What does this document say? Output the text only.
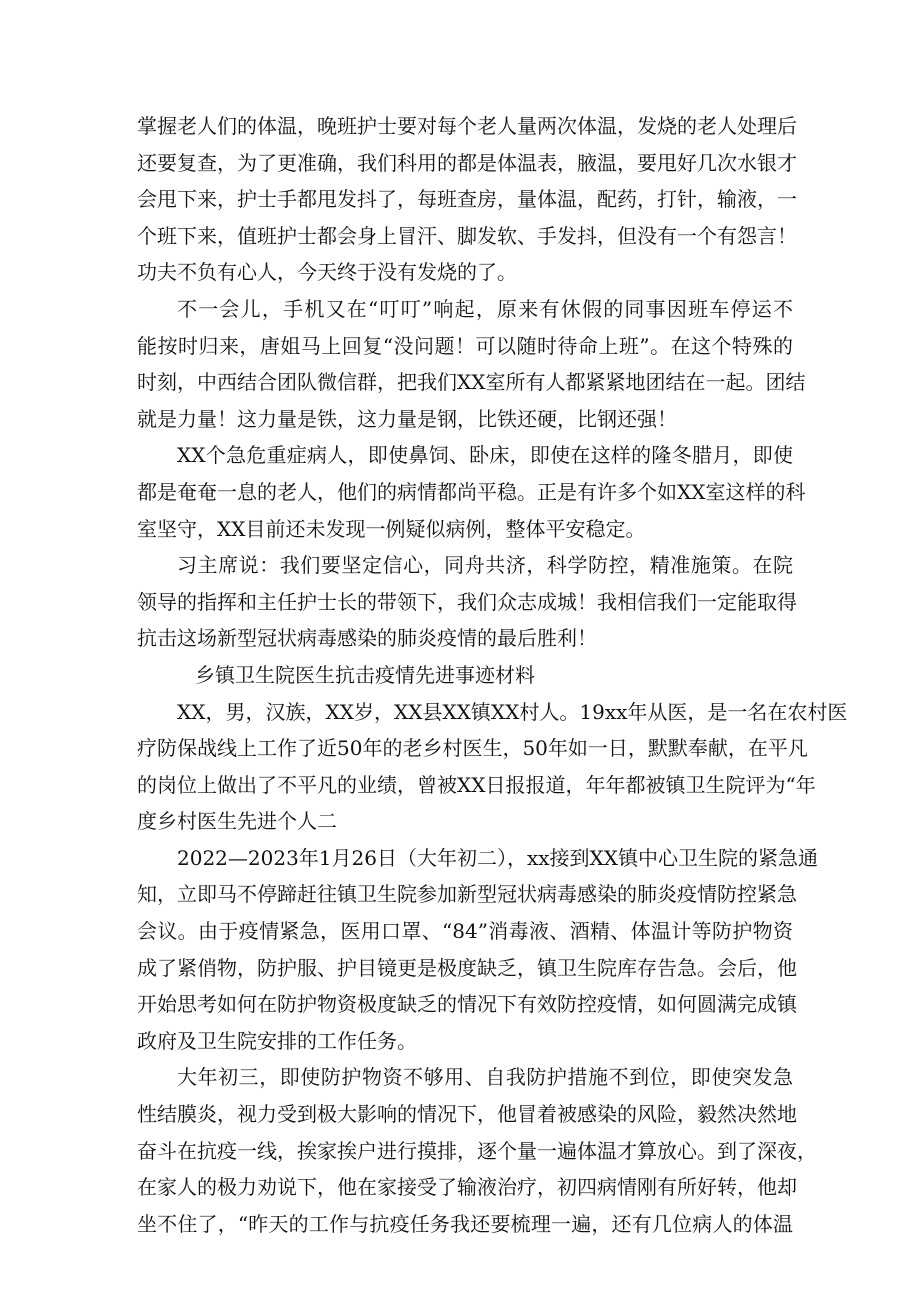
掌握老人们的体温，晚班护士要对每个老人量两次体温，发烧的老人处理后
还要复查，为了更准确，我们科用的都是体温表，腋温，要甩好几次水银才
会甩下来，护士手都甩发抖了，每班查房，量体温，配药，打针，输液，一
个班下来，值班护士都会身上冒汗、脚发软、手发抖，但没有一个有怨言！
功夫不负有心人，今天终于没有发烧的了。
不一会儿，手机又在“叮叮”响起，原来有休假的同事因班车停运不
能按时归来，唐姐马上回复“没问题！可以随时待命上班”。在这个特殊的
时刻，中西结合团队微信群，把我们XX室所有人都紧紧地团结在一起。团结
就是力量！这力量是铁，这力量是钢，比铁还硬，比钢还强！
XX个急危重症病人，即使鼻饲、卧床，即使在这样的隆冬腊月，即使
都是奄奄一息的老人，他们的病情都尚平稳。正是有许多个如XX室这样的科
室坚守，XX目前还未发现一例疑似病例，整体平安稳定。
习主席说：我们要坚定信心，同舟共济，科学防控，精准施策。在院
领导的指挥和主任护士长的带领下，我们众志成城！我相信我们一定能取得
抗击这场新型冠状病毒感染的肺炎疫情的最后胜利！
乡镇卫生院医生抗击疫情先进事迹材料
XX，男，汉族，XX岁，XX县XX镇XX村人。19xx年从医，是一名在农村医
疗防保战线上工作了近50年的老乡村医生，50年如一日，默默奉献，在平凡
的岗位上做出了不平凡的业绩，曾被XX日报报道，年年都被镇卫生院评为“年
度乡村医生先进个人二
2022—2023年1月26日（大年初二），xx接到XX镇中心卫生院的紧急通
知，立即马不停蹄赶往镇卫生院参加新型冠状病毒感染的肺炎疫情防控紧急
会议。由于疫情紧急，医用口罩、“84”消毒液、酒精、体温计等防护物资
成了紧俏物，防护服、护目镜更是极度缺乏，镇卫生院库存告急。会后，他
开始思考如何在防护物资极度缺乏的情况下有效防控疫情，如何圆满完成镇
政府及卫生院安排的工作任务。
大年初三，即使防护物资不够用、自我防护措施不到位，即使突发急
性结膜炎，视力受到极大影响的情况下，他冒着被感染的风险，毅然决然地
奋斗在抗疫一线，挨家挨户进行摸排，逐个量一遍体温才算放心。到了深夜，
在家人的极力劝说下，他在家接受了输液治疗，初四病情刚有所好转，他却
坐不住了，“昨天的工作与抗疫任务我还要梳理一遍，还有几位病人的体温
